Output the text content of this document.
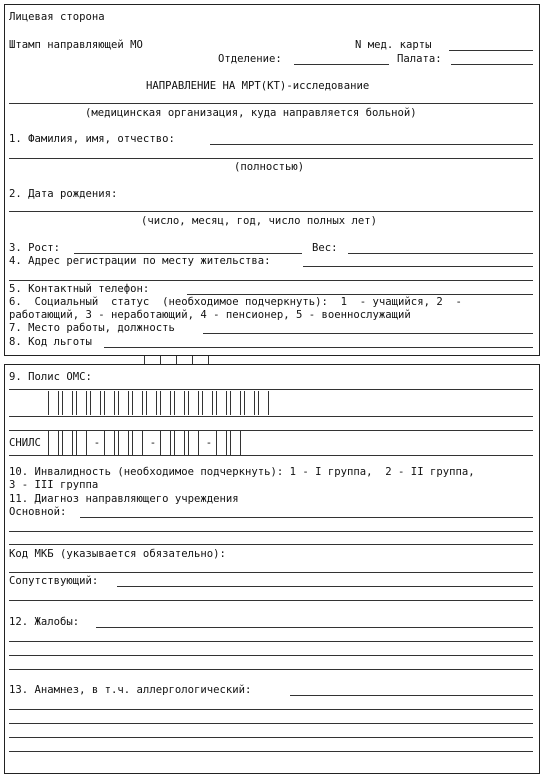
Лицевая сторона
Штамп направляющей МО	N мед. карты
Отделение:	Палата:
НАПРАВЛЕНИЕ НА МРТ(КТ)-исследование
(медицинская организация, куда направляется больной)
1. Фамилия, имя, отчество:
(полностью)
2. Дата рождения:
(число, месяц, год, число полных лет)
3. Рост:	Вес:
4. Адрес регистрации по месту жительства:
5. Контактный телефон:
6.  Социальный  статус  (необходимое подчеркнуть):  1  - учащийся, 2  -
работающий, 3 - неработающий, 4 - пенсионер, 5 - военнослужащий
7. Место работы, должность
8. Код льготы
9. Полис ОМС:
СНИЛС	-	-	-
10. Инвалидность (необходимое подчеркнуть): 1 - I группа,  2 - II группа,
3 - III группа
11. Диагноз направляющего учреждения
Основной:
Код МКБ (указывается обязательно):
Сопутствующий:
12. Жалобы:
13. Анамнез, в т.ч. аллергологический:
